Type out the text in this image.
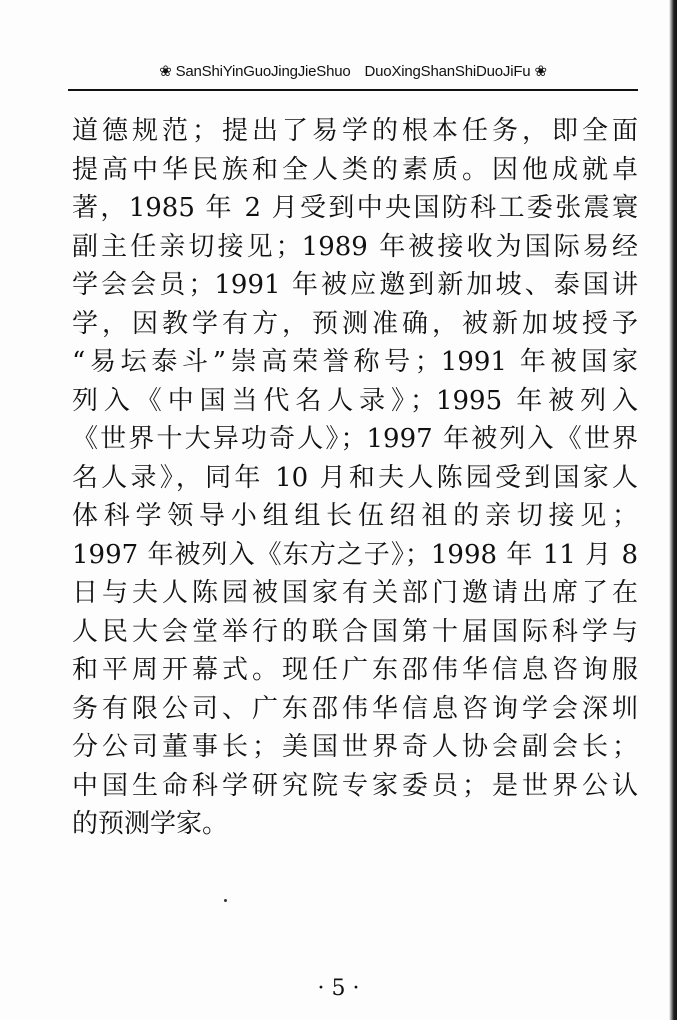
❀ SanShiYinGuoJingJieShuo DuoXingShanShiDuoJiFu ❀
道德规范；提出了易学的根本任务，即全面
提高中华民族和全人类的素质。因他成就卓
著，1985 年 2 月受到中央国防科工委张震寰
副主任亲切接见；1989 年被接收为国际易经
学会会员；1991 年被应邀到新加坡、泰国讲
学，因教学有方，预测准确，被新加坡授予
“易坛泰斗”崇高荣誉称号；1991 年被国家
列入《中国当代名人录》；1995 年被列入
《世界十大异功奇人》；1997 年被列入《世界
名人录》，同年 10 月和夫人陈园受到国家人
体科学领导小组组长伍绍祖的亲切接见；
1997 年被列入《东方之子》；1998 年 11 月 8
日与夫人陈园被国家有关部门邀请出席了在
人民大会堂举行的联合国第十届国际科学与
和平周开幕式。现任广东邵伟华信息咨询服
务有限公司、广东邵伟华信息咨询学会深圳
分公司董事长；美国世界奇人协会副会长；
中国生命科学研究院专家委员；是世界公认
的预测学家。
· 5 ·
